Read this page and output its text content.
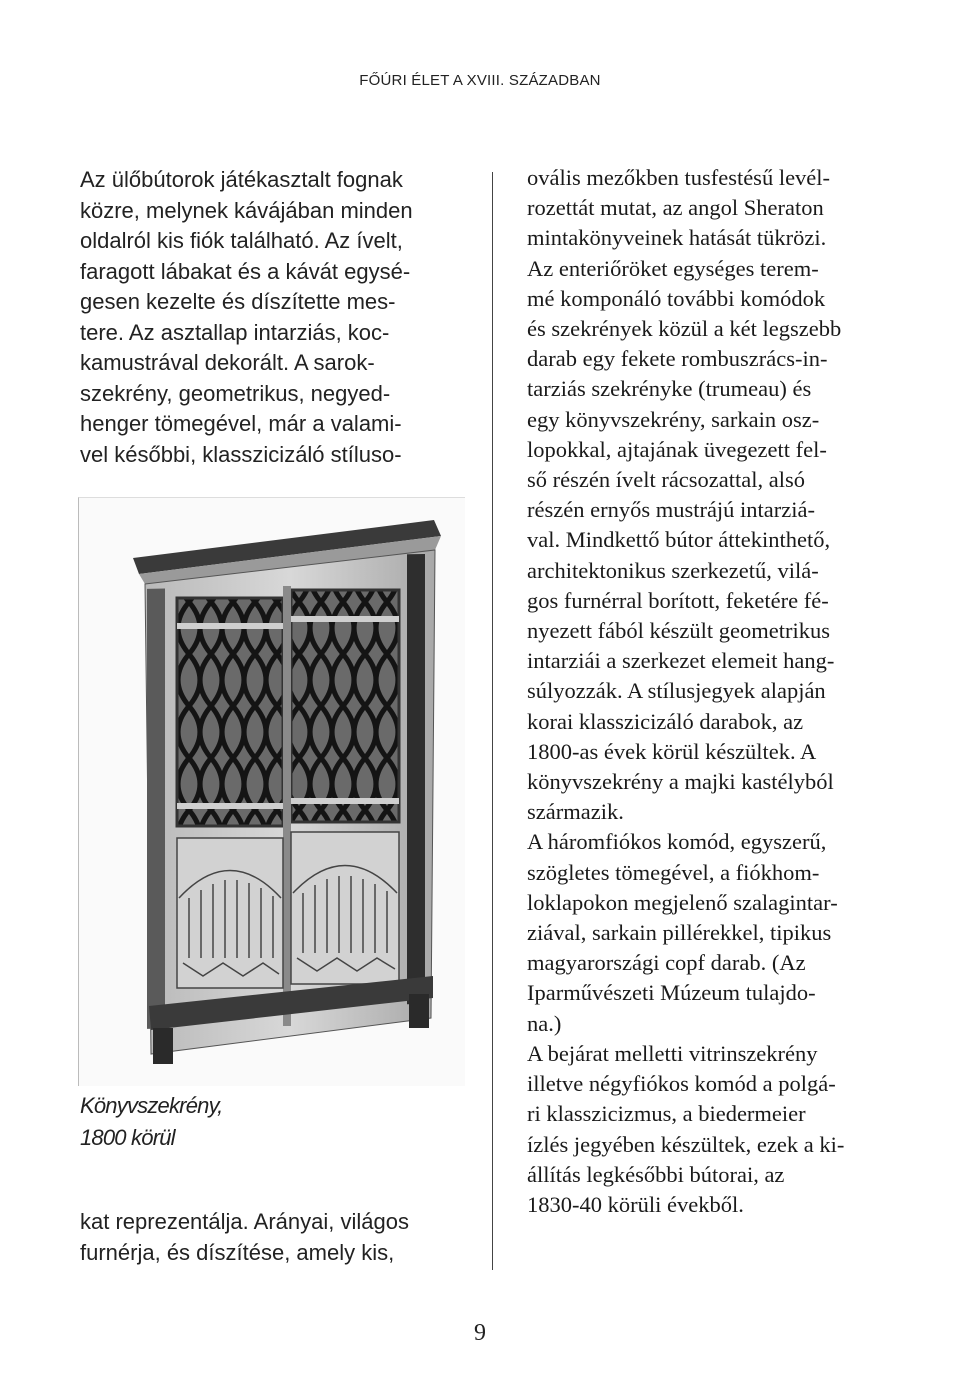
FŐÚRI ÉLET A XVIII. SZÁZADBAN
Az ülőbútorok játékasztalt fognak
közre, melynek kávájában minden
oldalról kis fiók található. Az ívelt,
faragott lábakat és a kávát egysé-
gesen kezelte és díszítette mes-
tere. Az asztallap intarziás, koc-
kamustrával dekorált. A sarok-
szekrény, geometrikus, negyed-
henger tömegével, már a valami-
vel későbbi, klasszicizáló stílusо-
Könyvszekrény,
1800 körül
kat reprezentálja. Arányai, világos
furnérja, és díszítése, amely kis,
ovális mezőkben tusfestésű levél-
rozettát mutat, az angol Sheraton
mintakönyveinek hatását tükrözi.
Az enteriőröket egységes terem-
mé komponáló további komódok
és szekrények közül a két legszebb
darab egy fekete rombuszrács-in-
tarziás szekrényke (trumeau) és
egy könyvszekrény, sarkain osz-
lopokkal, ajtajának üvegezett fel-
ső részén ívelt rácsozattal, alsó
részén ernyős mustrájú intarziá-
val. Mindkettő bútor áttekinthető,
architektonikus szerkezetű, vilá-
gos furnérral borított, feketére fé-
nyezett fából készült geometrikus
intarziái a szerkezet elemeit hang-
súlyozzák. A stílusjegyek alapján
korai klasszicizáló darabok, az
1800-as évek körül készültek. A
könyvszekrény a majki kastélyból
származik.
A háromfiókos komód, egyszerű,
szögletes tömegével, a fiókhom-
loklapokon megjelenő szalagintar-
ziával, sarkain pillérekkel, tipikus
magyarországi copf darab. (Az
Iparművészeti Múzeum tulajdo-
na.)
A bejárat melletti vitrinszekrény
illetve négyfiókos komód a polgá-
ri klasszicizmus, a biedermeier
ízlés jegyében készültek, ezek a ki-
állítás legkésőbbi bútorai, az
1830-40 körüli évekből.
9
